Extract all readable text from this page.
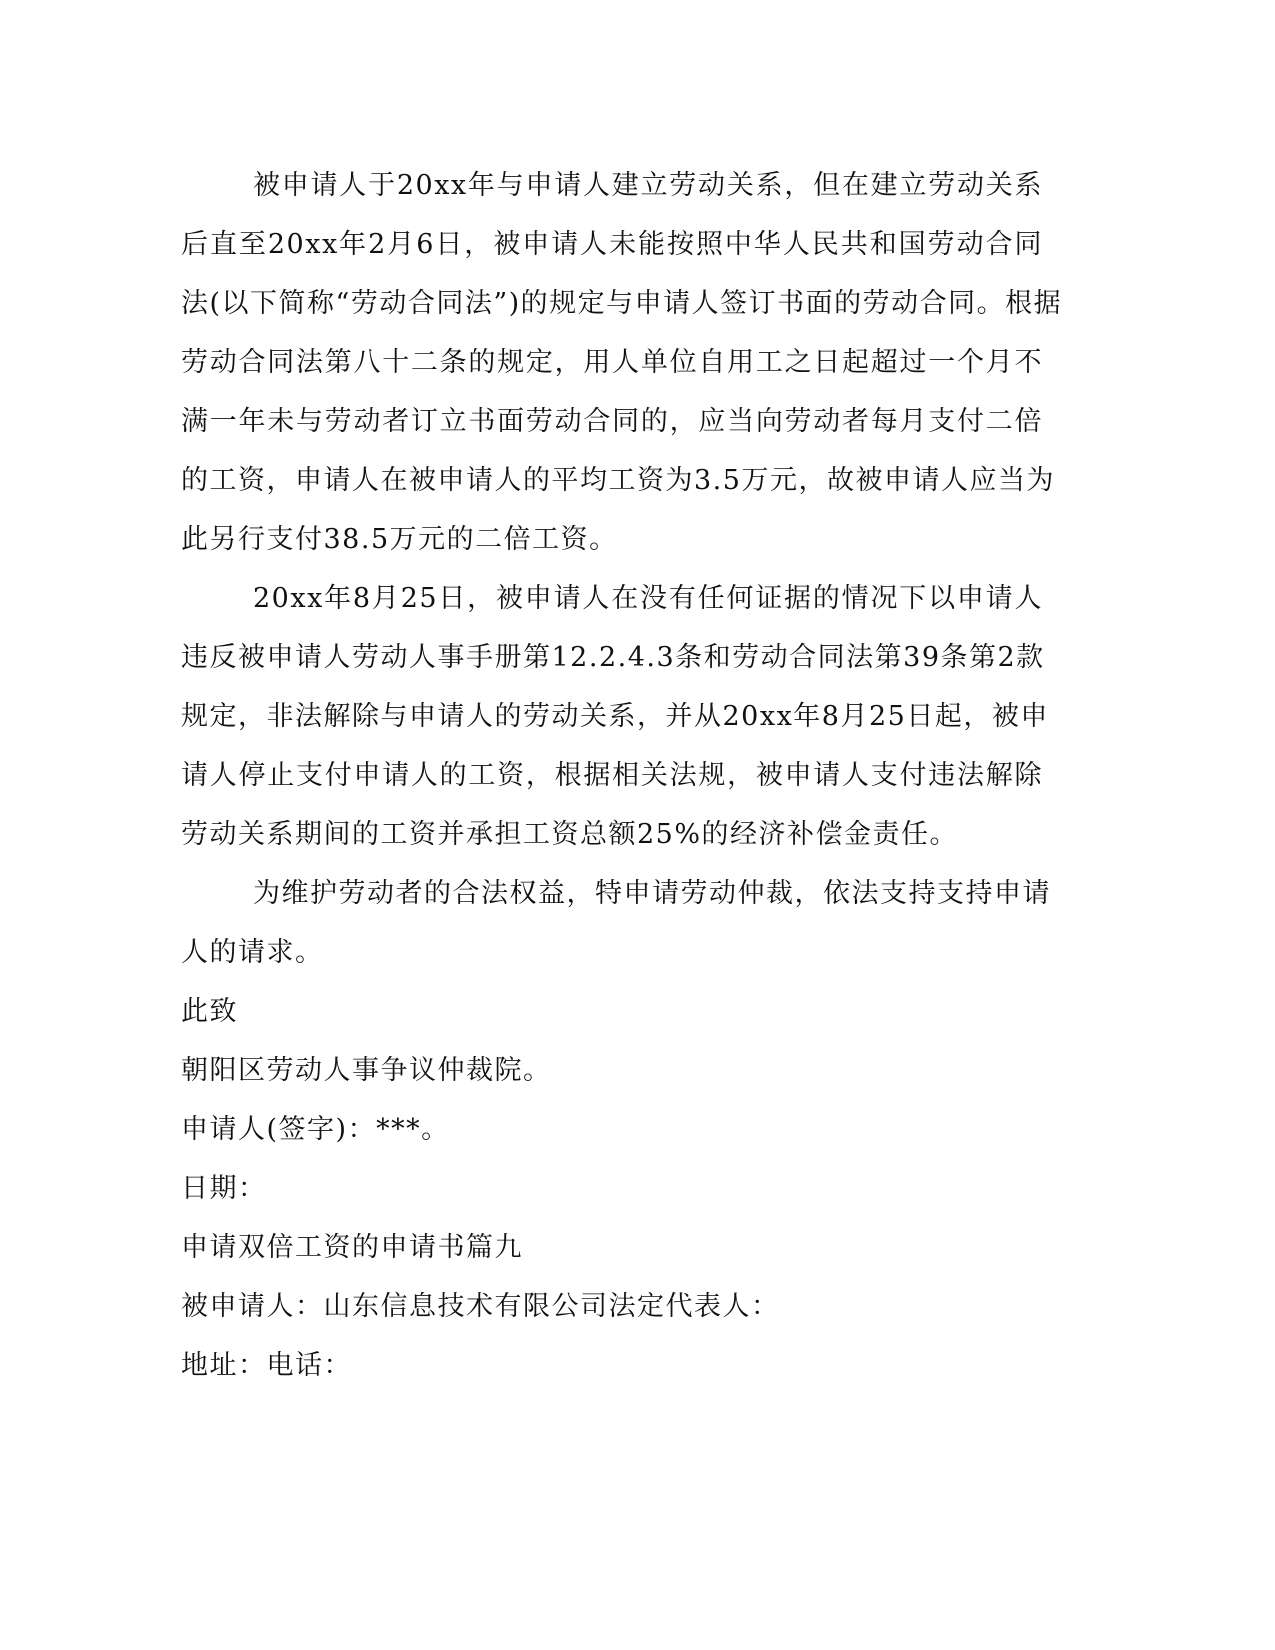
被申请人于20xx年与申请人建立劳动关系，但在建立劳动关系
后直至20xx年2月6日，被申请人未能按照中华人民共和国劳动合同
法(以下简称“劳动合同法”)的规定与申请人签订书面的劳动合同。根据
劳动合同法第八十二条的规定，用人单位自用工之日起超过一个月不
满一年未与劳动者订立书面劳动合同的，应当向劳动者每月支付二倍
的工资，申请人在被申请人的平均工资为3.5万元，故被申请人应当为
此另行支付38.5万元的二倍工资。

20xx年8月25日，被申请人在没有任何证据的情况下以申请人
违反被申请人劳动人事手册第12.2.4.3条和劳动合同法第39条第2款
规定，非法解除与申请人的劳动关系，并从20xx年8月25日起，被申
请人停止支付申请人的工资，根据相关法规，被申请人支付违法解除
劳动关系期间的工资并承担工资总额25%的经济补偿金责任。

为维护劳动者的合法权益，特申请劳动仲裁，依法支持支持申请
人的请求。

此致

朝阳区劳动人事争议仲裁院。

申请人(签字)：***。

日期：

申请双倍工资的申请书篇九

被申请人：山东信息技术有限公司法定代表人：

地址：电话：
